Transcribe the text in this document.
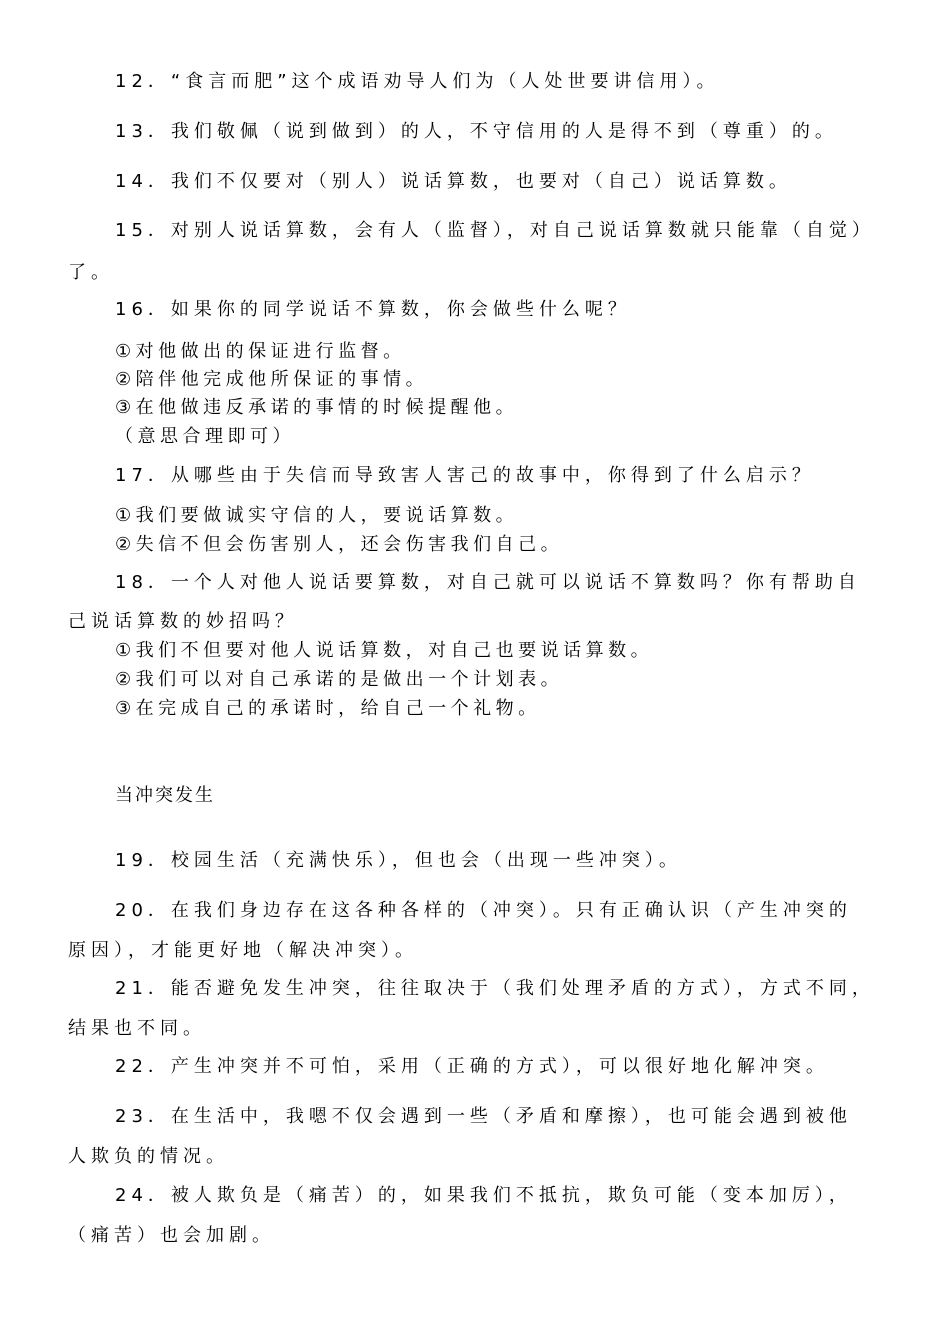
12．“食言而肥”这个成语劝导人们为（人处世要讲信用）。
13．我们敬佩（说到做到）的人，不守信用的人是得不到（尊重）的。
14．我们不仅要对（别人）说话算数，也要对（自己）说话算数。
15．对别人说话算数，会有人（监督），对自己说话算数就只能靠（自觉）
了。
16．如果你的同学说话不算数，你会做些什么呢？
①对他做出的保证进行监督。
②陪伴他完成他所保证的事情。
③在他做违反承诺的事情的时候提醒他。
（意思合理即可）
17．从哪些由于失信而导致害人害己的故事中，你得到了什么启示？
①我们要做诚实守信的人，要说话算数。
②失信不但会伤害别人，还会伤害我们自己。
18．一个人对他人说话要算数，对自己就可以说话不算数吗？你有帮助自
己说话算数的妙招吗？
①我们不但要对他人说话算数，对自己也要说话算数。
②我们可以对自己承诺的是做出一个计划表。
③在完成自己的承诺时，给自己一个礼物。
当冲突发生
19．校园生活（充满快乐），但也会（出现一些冲突）。
20．在我们身边存在这各种各样的（冲突）。只有正确认识（产生冲突的
原因），才能更好地（解决冲突）。
21．能否避免发生冲突，往往取决于（我们处理矛盾的方式），方式不同，
结果也不同。
22．产生冲突并不可怕，采用（正确的方式），可以很好地化解冲突。
23．在生活中，我嗯不仅会遇到一些（矛盾和摩擦），也可能会遇到被他
人欺负的情况。
24．被人欺负是（痛苦）的，如果我们不抵抗，欺负可能（变本加厉），
（痛苦）也会加剧。
